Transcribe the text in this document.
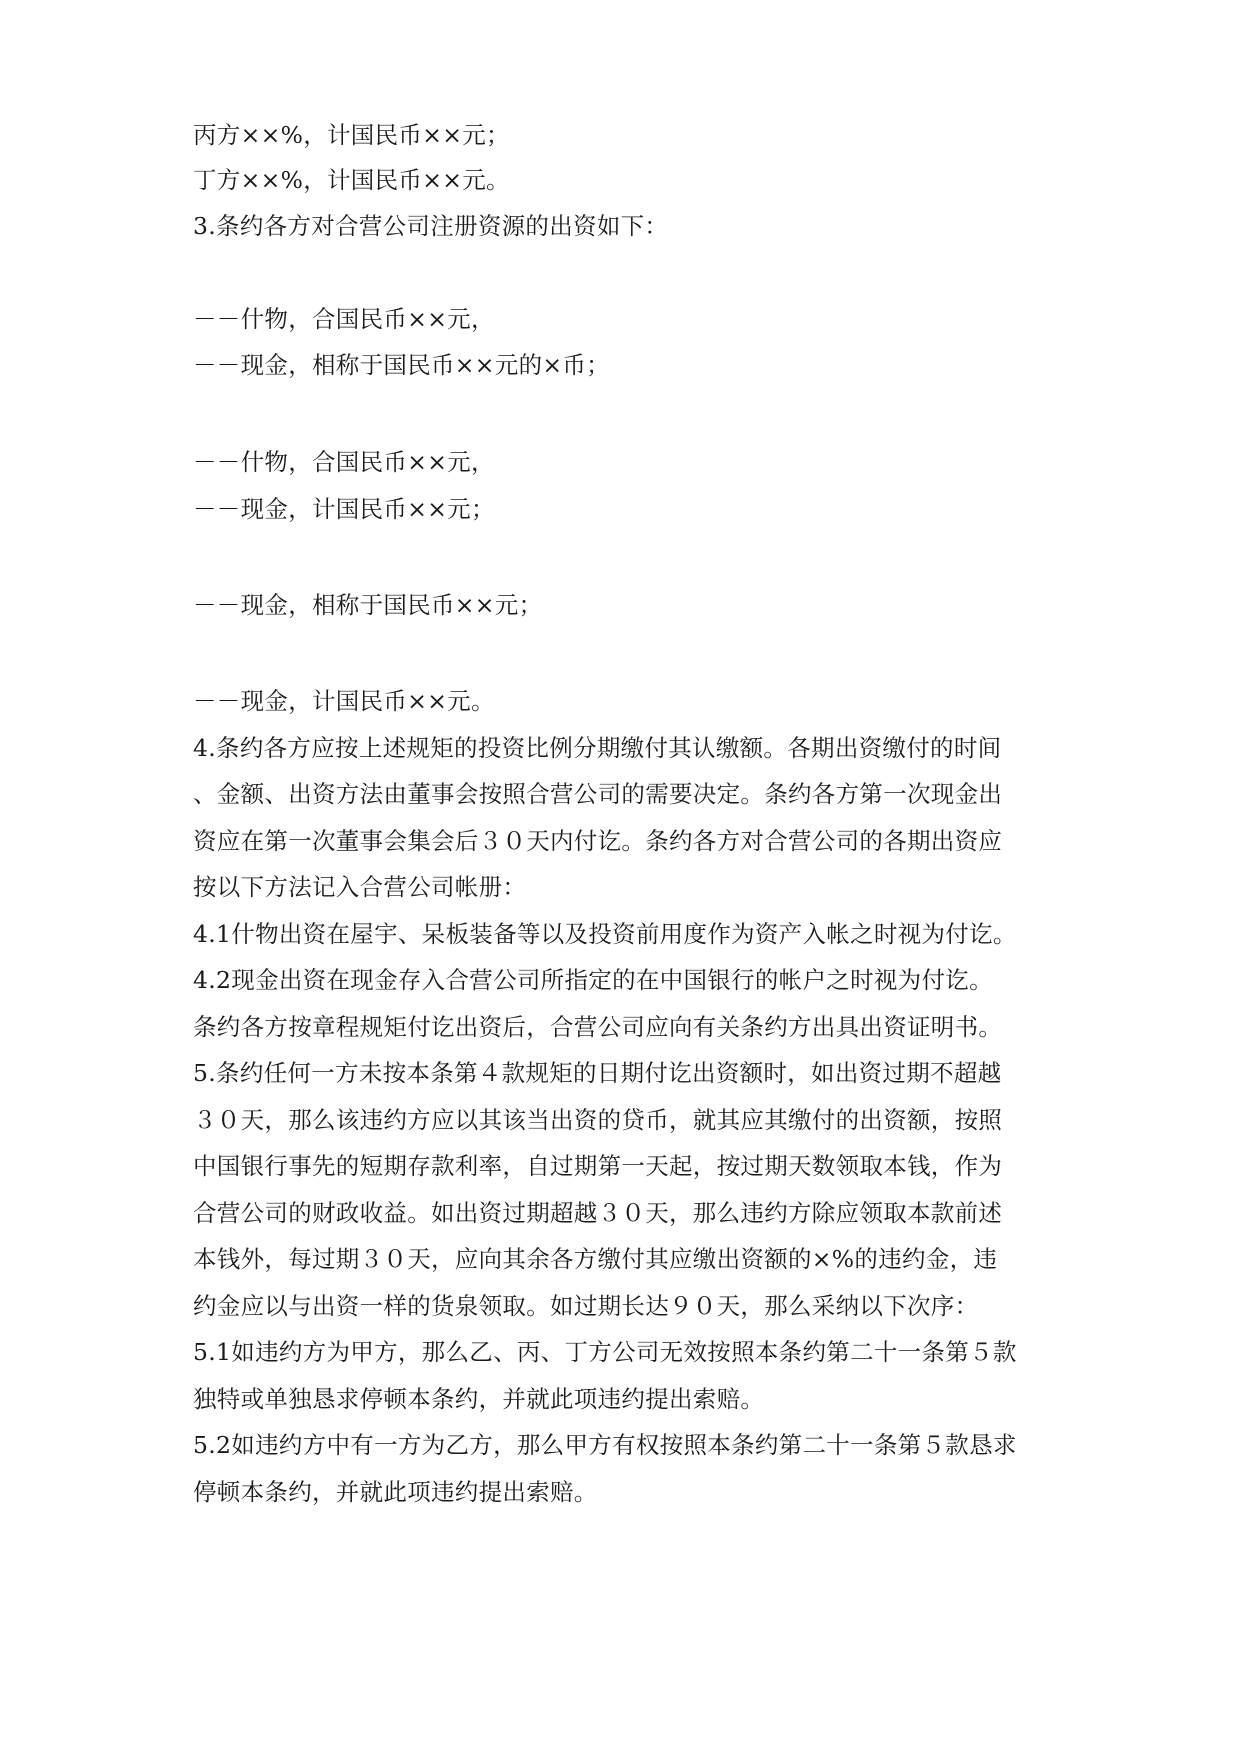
丙方××%，计国民币××元；

丁方××%，计国民币××元。

3.条约各方对合营公司注册资源的出资如下：

－－什物，合国民币××元，

－－现金，相称于国民币××元的×币；

－－什物，合国民币××元，

－－现金，计国民币××元；

－－现金，相称于国民币××元；

－－现金，计国民币××元。

4.条约各方应按上述规矩的投资比例分期缴付其认缴额。各期出资缴付的时间

、金额、出资方法由董事会按照合营公司的需要决定。条约各方第一次现金出

资应在第一次董事会集会后３０天内付讫。条约各方对合营公司的各期出资应

按以下方法记入合营公司帐册：

4.1什物出资在屋宇、呆板装备等以及投资前用度作为资产入帐之时视为付讫。

4.2现金出资在现金存入合营公司所指定的在中国银行的帐户之时视为付讫。

条约各方按章程规矩付讫出资后，合营公司应向有关条约方出具出资证明书。

5.条约任何一方未按本条第４款规矩的日期付讫出资额时，如出资过期不超越

３０天，那么该违约方应以其该当出资的贷币，就其应其缴付的出资额，按照

中国银行事先的短期存款利率，自过期第一天起，按过期天数领取本钱，作为

合营公司的财政收益。如出资过期超越３０天，那么违约方除应领取本款前述

本钱外，每过期３０天，应向其余各方缴付其应缴出资额的×%的违约金，违

约金应以与出资一样的货泉领取。如过期长达９０天，那么采纳以下次序：

5.1如违约方为甲方，那么乙、丙、丁方公司无效按照本条约第二十一条第５款

独特或单独恳求停顿本条约，并就此项违约提出索赔。

5.2如违约方中有一方为乙方，那么甲方有权按照本条约第二十一条第５款恳求

停顿本条约，并就此项违约提出索赔。
